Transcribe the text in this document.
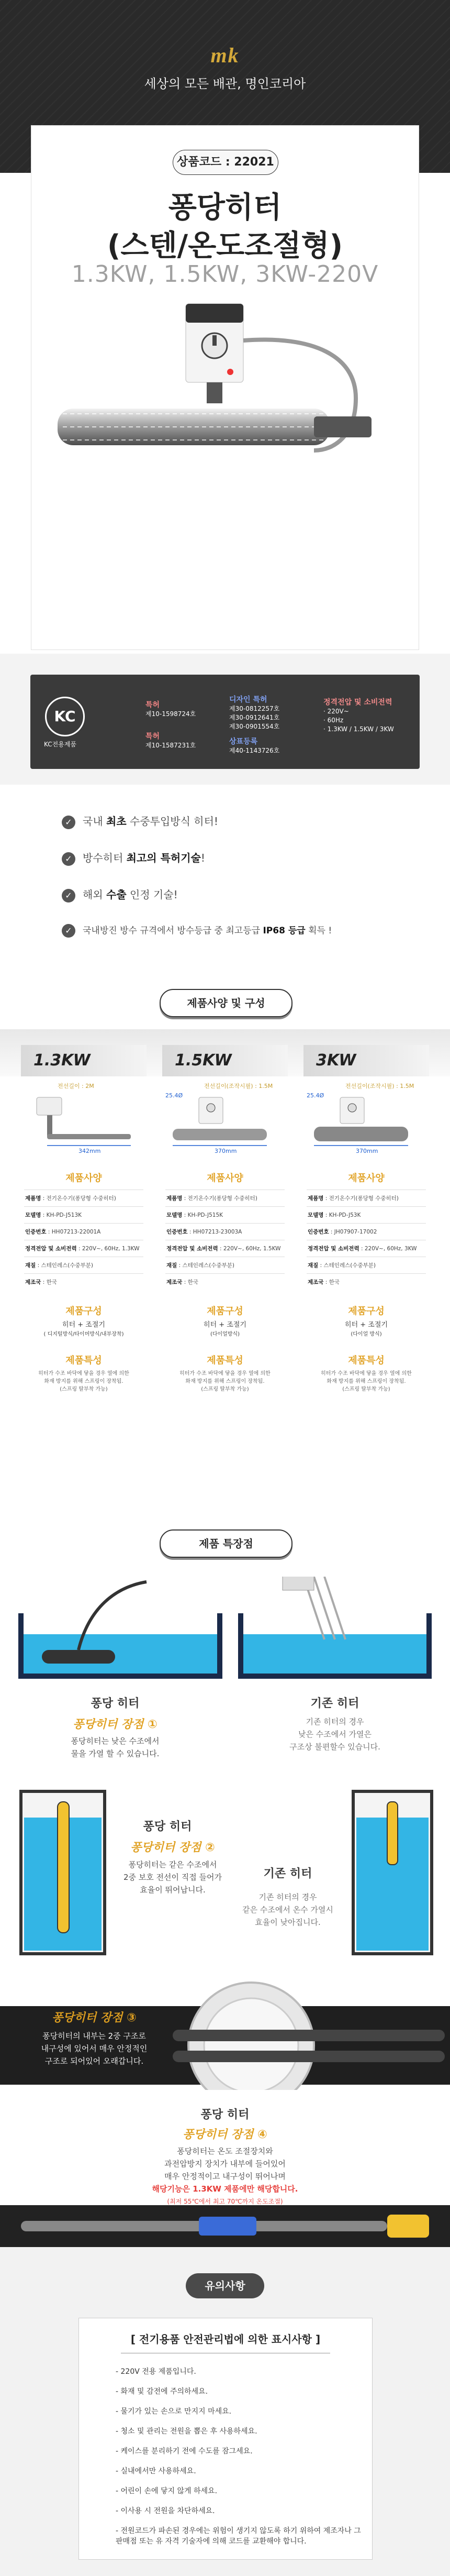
mk
세상의 모든 배관, 명인코리아
상품코드 : 22021
퐁당히터
(스텐/온도조절형)
1.3KW, 1.5KW, 3KW-220V
KC
KC전용제품
특허
제10-1598724호
특허
제10-1587231호
디자인 특허
제30-0812257호
제30-0912641호
제30-0901554호
상표등록
제40-1143726호
정격전압 및 소비전력
· 220V~
· 60Hz
· 1.3KW / 1.5KW / 3KW
✓ 국내 최초 수중투입방식 히터!
✓ 방수히터 최고의 특허기술!
✓ 해외 수출 인정 기술!
✓ 국내방진 방수 규격에서 방수등급 중 최고등급 IP68 등급 획득 !
제품사양 및 구성
1.3KW
전선길이 : 2M
342mm
제품사양
제품명 : 전기온수기(퐁당형 수중히터)
모델명 : KH-PD-J513K
인증번호 : HH07213-22001A
정격전압 및 소비전력 : 220V~, 60Hz, 1.3KW
재질 : 스테인레스(수중부분)
제조국 : 한국
제품구성
히터 + 조절기
( 디지털방식/타이머방식/내부장착)
제품특성
히터가 수조 바닥에 닿을 경우 열에 의한
화재 방지를 위해 스프링이 장착됨.
(스프링 탈부착 가능)
1.5KW
전선길이(조작시필) : 1.5M
25.4Ø
370mm
제품사양
제품명 : 전기온수기(퐁당형 수중히터)
모델명 : KH-PD-J515K
인증번호 : HH07213-23003A
정격전압 및 소비전력 : 220V~, 60Hz, 1.5KW
재질 : 스테인레스(수중부분)
제조국 : 한국
제품구성
히터 + 조절기
(다이얼방식)
제품특성
히터가 수조 바닥에 닿을 경우 열에 의한
화재 방지를 위해 스프링이 장착됨.
(스프링 탈부착 가능)
3KW
전선길이(조작시필) : 1.5M
25.4Ø
370mm
제품사양
제품명 : 전기온수기(퐁당형 수중히터)
모델명 : KH-PD-J53K
인증번호 : JH07907-17002
정격전압 및 소비전력 : 220V~, 60Hz, 3KW
재질 : 스테인레스(수중부분)
제조국 : 한국
제품구성
히터 + 조절기
(다이얼 방식)
제품특성
히터가 수조 바닥에 닿을 경우 열에 의한
화재 방지를 위해 스프링이 장착됨.
(스프링 탈부착 가능)
제품 특장점
퐁당 히터
퐁당히터 장점 ①
퐁당히터는 낮은 수조에서
물을 가열 할 수 있습니다.
기존 히터
기존 히터의 경우
낮은 수조에서 가열은
구조상 불편할수 있습니다.
퐁당 히터
퐁당히터 장점 ②
퐁당히터는 같은 수조에서
2중 보호 전선이 직접 들어가
효율이 뛰어납니다.
기존 히터
기존 히터의 경우
같은 수조에서 온수 가열시
효율이 낮아집니다.
퐁당히터 장점 ③
퐁당히터의 내부는 2중 구조로
내구성에 있어서 매우 안정적인
구조로 되어있어 오래갑니다.
퐁당 히터
퐁당히터 장점 ④
퐁당히터는 온도 조절장치와
과전압방지 장치가 내부에 들어있어
매우 안정적이고 내구성이 뛰어나며
해당기능은 1.3KW 제품에만 해당합니다.
(최저 55℃에서 최고 70℃까지 온도조절)
유의사항
[ 전기용품 안전관리법에 의한 표시사항 ]
- 220V 전용 제품입니다.
- 화재 및 감전에 주의하세요.
- 물기가 있는 손으로 만지지 마세요.
- 청소 및 관리는 전원을 뽑은 후 사용하세요.
- 케이스를 분리하기 전에 수도를 잠그세요.
- 실내에서만 사용하세요.
- 어린이 손에 닿지 않게 하세요.
- 이사용 시 전원을 차단하세요.
- 전원코드가 파손된 경우에는 위험이 생기지 않도록 하기 위하여 제조자나 그 판매점 또는 유 자격 기술자에 의해 코드를 교환해야 합니다.
